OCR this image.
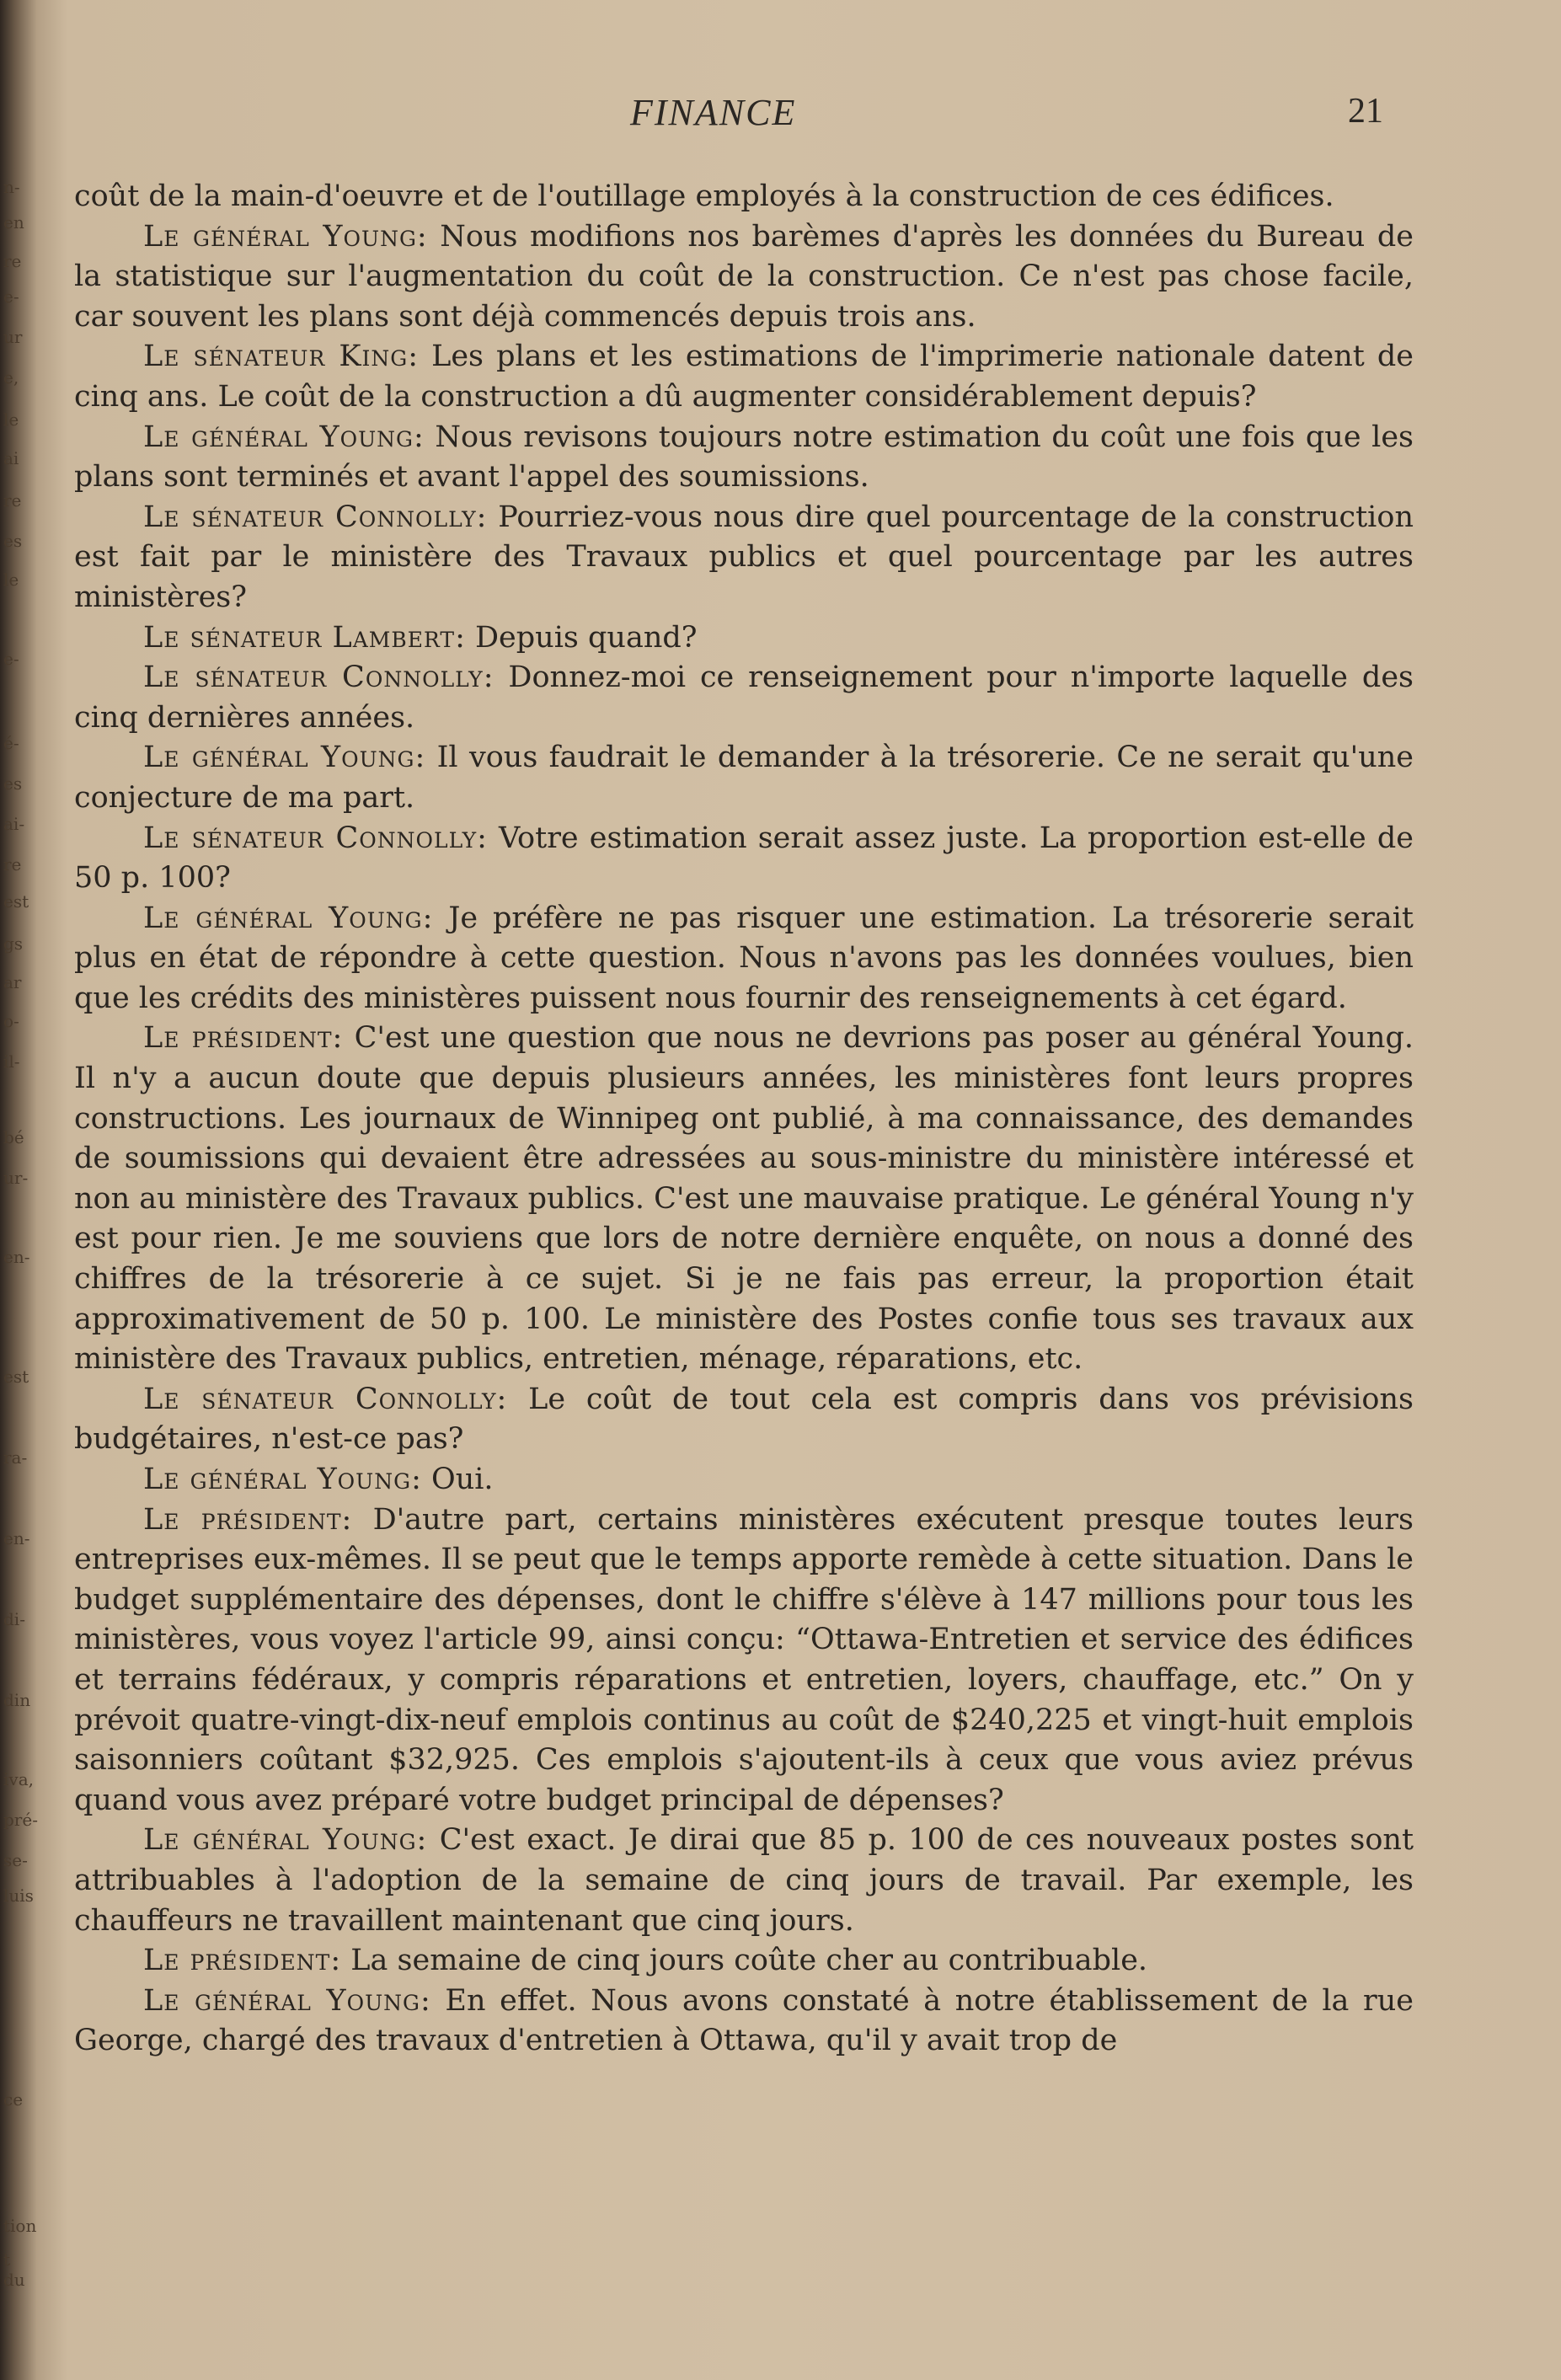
n-
en
re
e-
ur
e,
le
ai
re
es
le
e-
é-
es
ai-
re
est
gs
ar
o-
il-
bé
ur-
en-
est
ra-
en-
di-
din
iva,
pré-
se-
luis
ce
tion
t du
FINANCE	21

coût de la main-d'oeuvre et de l'outillage employés à la construction de ces édifices.

Le général Young: Nous modifions nos barèmes d'après les données du Bureau de la statistique sur l'augmentation du coût de la construction. Ce n'est pas chose facile, car souvent les plans sont déjà commencés depuis trois ans.

Le sénateur King: Les plans et les estimations de l'imprimerie nationale datent de cinq ans. Le coût de la construction a dû augmenter considérablement depuis?

Le général Young: Nous revisons toujours notre estimation du coût une fois que les plans sont terminés et avant l'appel des soumissions.

Le sénateur Connolly: Pourriez-vous nous dire quel pourcentage de la construction est fait par le ministère des Travaux publics et quel pourcentage par les autres ministères?

Le sénateur Lambert: Depuis quand?

Le sénateur Connolly: Donnez-moi ce renseignement pour n'importe laquelle des cinq dernières années.

Le général Young: Il vous faudrait le demander à la trésorerie. Ce ne serait qu'une conjecture de ma part.

Le sénateur Connolly: Votre estimation serait assez juste. La proportion est-elle de 50 p. 100?

Le général Young: Je préfère ne pas risquer une estimation. La trésorerie serait plus en état de répondre à cette question. Nous n'avons pas les données voulues, bien que les crédits des ministères puissent nous fournir des renseignements à cet égard.

Le président: C'est une question que nous ne devrions pas poser au général Young. Il n'y a aucun doute que depuis plusieurs années, les ministères font leurs propres constructions. Les journaux de Winnipeg ont publié, à ma connaissance, des demandes de soumissions qui devaient être adressées au sous-ministre du ministère intéressé et non au ministère des Travaux publics. C'est une mauvaise pratique. Le général Young n'y est pour rien. Je me souviens que lors de notre dernière enquête, on nous a donné des chiffres de la trésorerie à ce sujet. Si je ne fais pas erreur, la proportion était approximativement de 50 p. 100. Le ministère des Postes confie tous ses travaux aux ministère des Travaux publics, entretien, ménage, réparations, etc.

Le sénateur Connolly: Le coût de tout cela est compris dans vos prévisions budgétaires, n'est-ce pas?

Le général Young: Oui.

Le président: D'autre part, certains ministères exécutent presque toutes leurs entreprises eux-mêmes. Il se peut que le temps apporte remède à cette situation. Dans le budget supplémentaire des dépenses, dont le chiffre s'élève à 147 millions pour tous les ministères, vous voyez l'article 99, ainsi conçu: “Ottawa-Entretien et service des édifices et terrains fédéraux, y compris réparations et entretien, loyers, chauffage, etc.” On y prévoit quatre-vingt-dix-neuf emplois continus au coût de $240,225 et vingt-huit emplois saisonniers coûtant $32,925. Ces emplois s'ajoutent-ils à ceux que vous aviez prévus quand vous avez préparé votre budget principal de dépenses?

Le général Young: C'est exact. Je dirai que 85 p. 100 de ces nouveaux postes sont attribuables à l'adoption de la semaine de cinq jours de travail. Par exemple, les chauffeurs ne travaillent maintenant que cinq jours.

Le président: La semaine de cinq jours coûte cher au contribuable.

Le général Young: En effet. Nous avons constaté à notre établissement de la rue George, chargé des travaux d'entretien à Ottawa, qu'il y avait trop de
